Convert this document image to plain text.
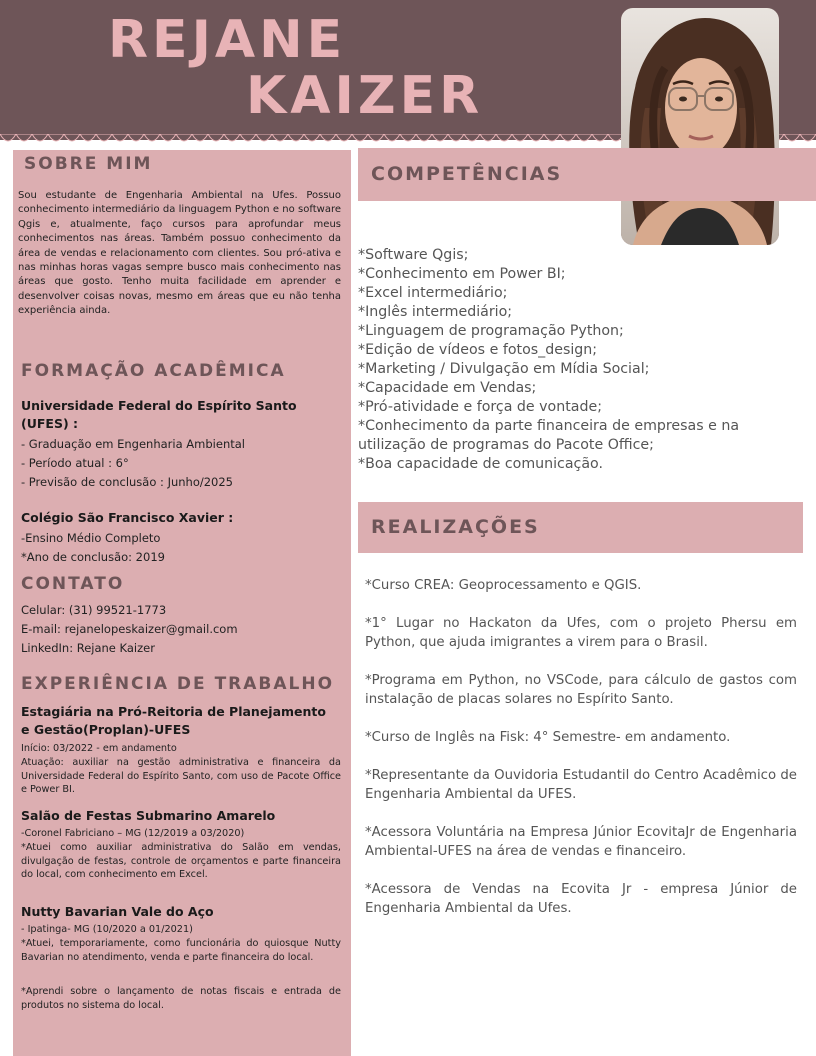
REJANE
KAIZER
SOBRE MIM
Sou estudante de Engenharia Ambiental na Ufes. Possuo conhecimento intermediário da linguagem Python e no software Qgis e, atualmente, faço cursos para aprofundar meus conhecimentos nas áreas. Também possuo conhecimento da área de vendas e relacionamento com clientes. Sou pró-ativa e nas minhas horas vagas sempre busco mais conhecimento nas áreas que gosto. Tenho muita facilidade em aprender e desenvolver coisas novas, mesmo em áreas que eu não tenha experiência ainda.
FORMAÇÃO ACADÊMICA
Universidade Federal do Espírito Santo
(UFES) :
- Graduação em Engenharia Ambiental
- Período atual : 6°
- Previsão de conclusão : Junho/2025
Colégio São Francisco Xavier :
-Ensino Médio Completo
*Ano de conclusão: 2019
CONTATO
Celular: (31) 99521-1773
E-mail: rejanelopeskaizer@gmail.com
LinkedIn: Rejane Kaizer
EXPERIÊNCIA DE TRABALHO
Estagiária na Pró-Reitoria de Planejamento
e Gestão(Proplan)-UFES
Início: 03/2022 - em andamento
Atuação: auxiliar na gestão administrativa e financeira da Universidade Federal do Espírito Santo, com uso de Pacote Office e Power BI.
Salão de Festas Submarino Amarelo
-Coronel Fabriciano – MG (12/2019 a 03/2020)
*Atuei como auxiliar administrativa do Salão em vendas, divulgação de festas, controle de orçamentos e parte financeira do local, com conhecimento em Excel.
Nutty Bavarian Vale do Aço
- Ipatinga- MG (10/2020 a 01/2021)
*Atuei, temporariamente, como funcionária do quiosque Nutty Bavarian no atendimento, venda e parte financeira do local.
*Aprendi sobre o lançamento de notas fiscais e entrada de produtos no sistema do local.
COMPETÊNCIAS
*Software Qgis;
*Conhecimento em Power BI;
*Excel intermediário;
*Inglês intermediário;
*Linguagem de programação Python;
*Edição de vídeos e fotos_design;
*Marketing / Divulgação em Mídia Social;
*Capacidade em Vendas;
*Pró-atividade e força de vontade;
*Conhecimento da parte financeira de empresas e na utilização de programas do Pacote Office;
*Boa capacidade de comunicação.
REALIZAÇÕES
*Curso CREA: Geoprocessamento e QGIS.
*1° Lugar no Hackaton da Ufes, com o projeto Phersu em Python, que ajuda imigrantes a virem para o Brasil.
*Programa em Python, no VSCode, para cálculo de gastos com instalação de placas solares no Espírito Santo.
*Curso de Inglês na Fisk: 4° Semestre- em andamento.
*Representante da Ouvidoria Estudantil do Centro Acadêmico de Engenharia Ambiental da UFES.
*Acessora Voluntária na Empresa Júnior EcovitaJr de Engenharia Ambiental-UFES na área de vendas e financeiro.
*Acessora de Vendas na Ecovita Jr - empresa Júnior de Engenharia Ambiental da Ufes.
